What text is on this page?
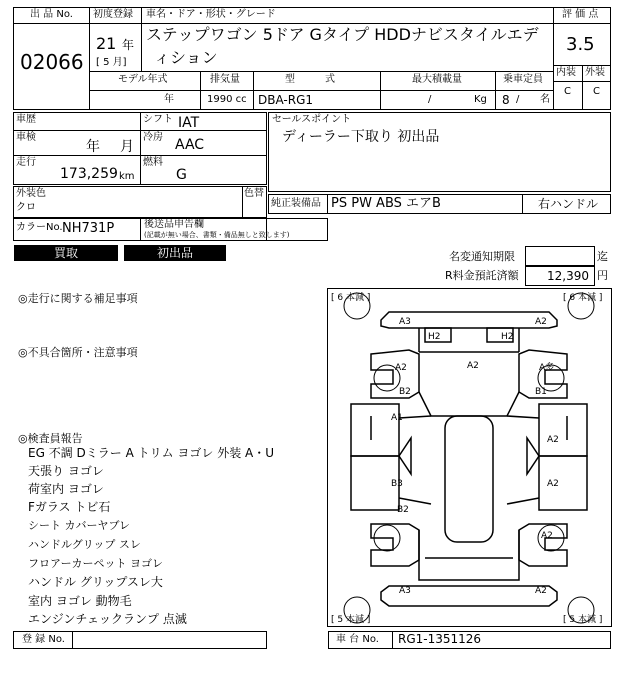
出 品 No.
02066
初度登録
21 年
[ 5 月]
車名・ドア・形状・グレード
ステップワゴン 5ドア Gタイプ HDDナビスタイルエデ
ィション
評 価 点
3.5
内装 外装
C C
モデル年式
年
排気量
1990 cc
型　　　式
DBA-RG1
最大積載量
/	Kg
乗車定員
8 / 名
車歴	シフト IAT
車検
年 月
冷房 AAC
走行
173,259 km
燃料
G
セールスポイント
ディーラー下取り 初出品
外装色
クロ
色替
純正装備品 PS PW ABS エアB	右ハンドル
カラーNo. NH731P	後送品申告欄
(記載が無い場合、書類・備品無しと致します)
買取	初出品	名変通知期限	迄
R料金預託済額 12,390 円
◎走行に関する補足事項
◎不具合箇所・注意事項
◎検査員報告
EG 不調 Dミラー A トリム ヨゴレ 外装 A・U
天張り ヨゴレ
荷室内 ヨゴレ
Fガラス トビ石
シート カバーヤブレ
ハンドルグリップ スレ
フロアーカーペット ヨゴレ
ハンドル グリップスレ大
室内 ヨゴレ 動物毛
エンジンチェックランプ 点滅
[ 6 本減 ]	[ 6 本減 ]
[ 5 本減 ]	[ 5 本減 ]
A3	A2
H2	H2
A2	A2	A多
B2	B1
A1
A2
B3	A2
B2
A2
A3	A2
登 録 No.	車 台 No. RG1-1351126
